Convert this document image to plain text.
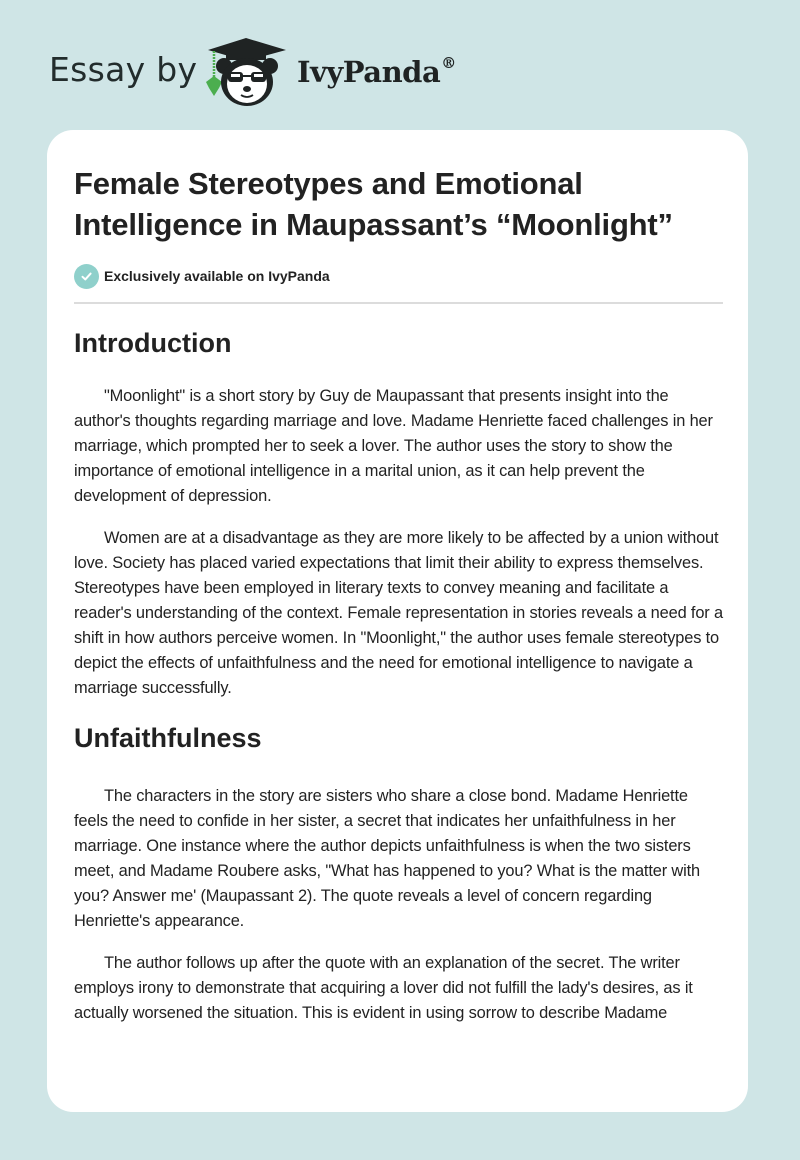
Essay by	IvyPanda®
Female Stereotypes and Emotional Intelligence in Maupassant’s “Moonlight”
Exclusively available on IvyPanda
Introduction

"Moonlight" is a short story by Guy de Maupassant that presents insight into the author's thoughts regarding marriage and love. Madame Henriette faced challenges in her marriage, which prompted her to seek a lover. The author uses the story to show the importance of emotional intelligence in a marital union, as it can help prevent the development of depression.

Women are at a disadvantage as they are more likely to be affected by a union without love. Society has placed varied expectations that limit their ability to express themselves. Stereotypes have been employed in literary texts to convey meaning and facilitate a reader's understanding of the context. Female representation in stories reveals a need for a shift in how authors perceive women. In "Moonlight," the author uses female stereotypes to depict the effects of unfaithfulness and the need for emotional intelligence to navigate a marriage successfully.

Unfaithfulness

The characters in the story are sisters who share a close bond. Madame Henriette feels the need to confide in her sister, a secret that indicates her unfaithfulness in her marriage. One instance where the author depicts unfaithfulness is when the two sisters meet, and Madame Roubere asks, "What has happened to you? What is the matter with you? Answer me' (Maupassant 2). The quote reveals a level of concern regarding Henriette's appearance.

The author follows up after the quote with an explanation of the secret. The writer employs irony to demonstrate that acquiring a lover did not fulfill the lady's desires, as it actually worsened the situation. This is evident in using sorrow to describe Madame
